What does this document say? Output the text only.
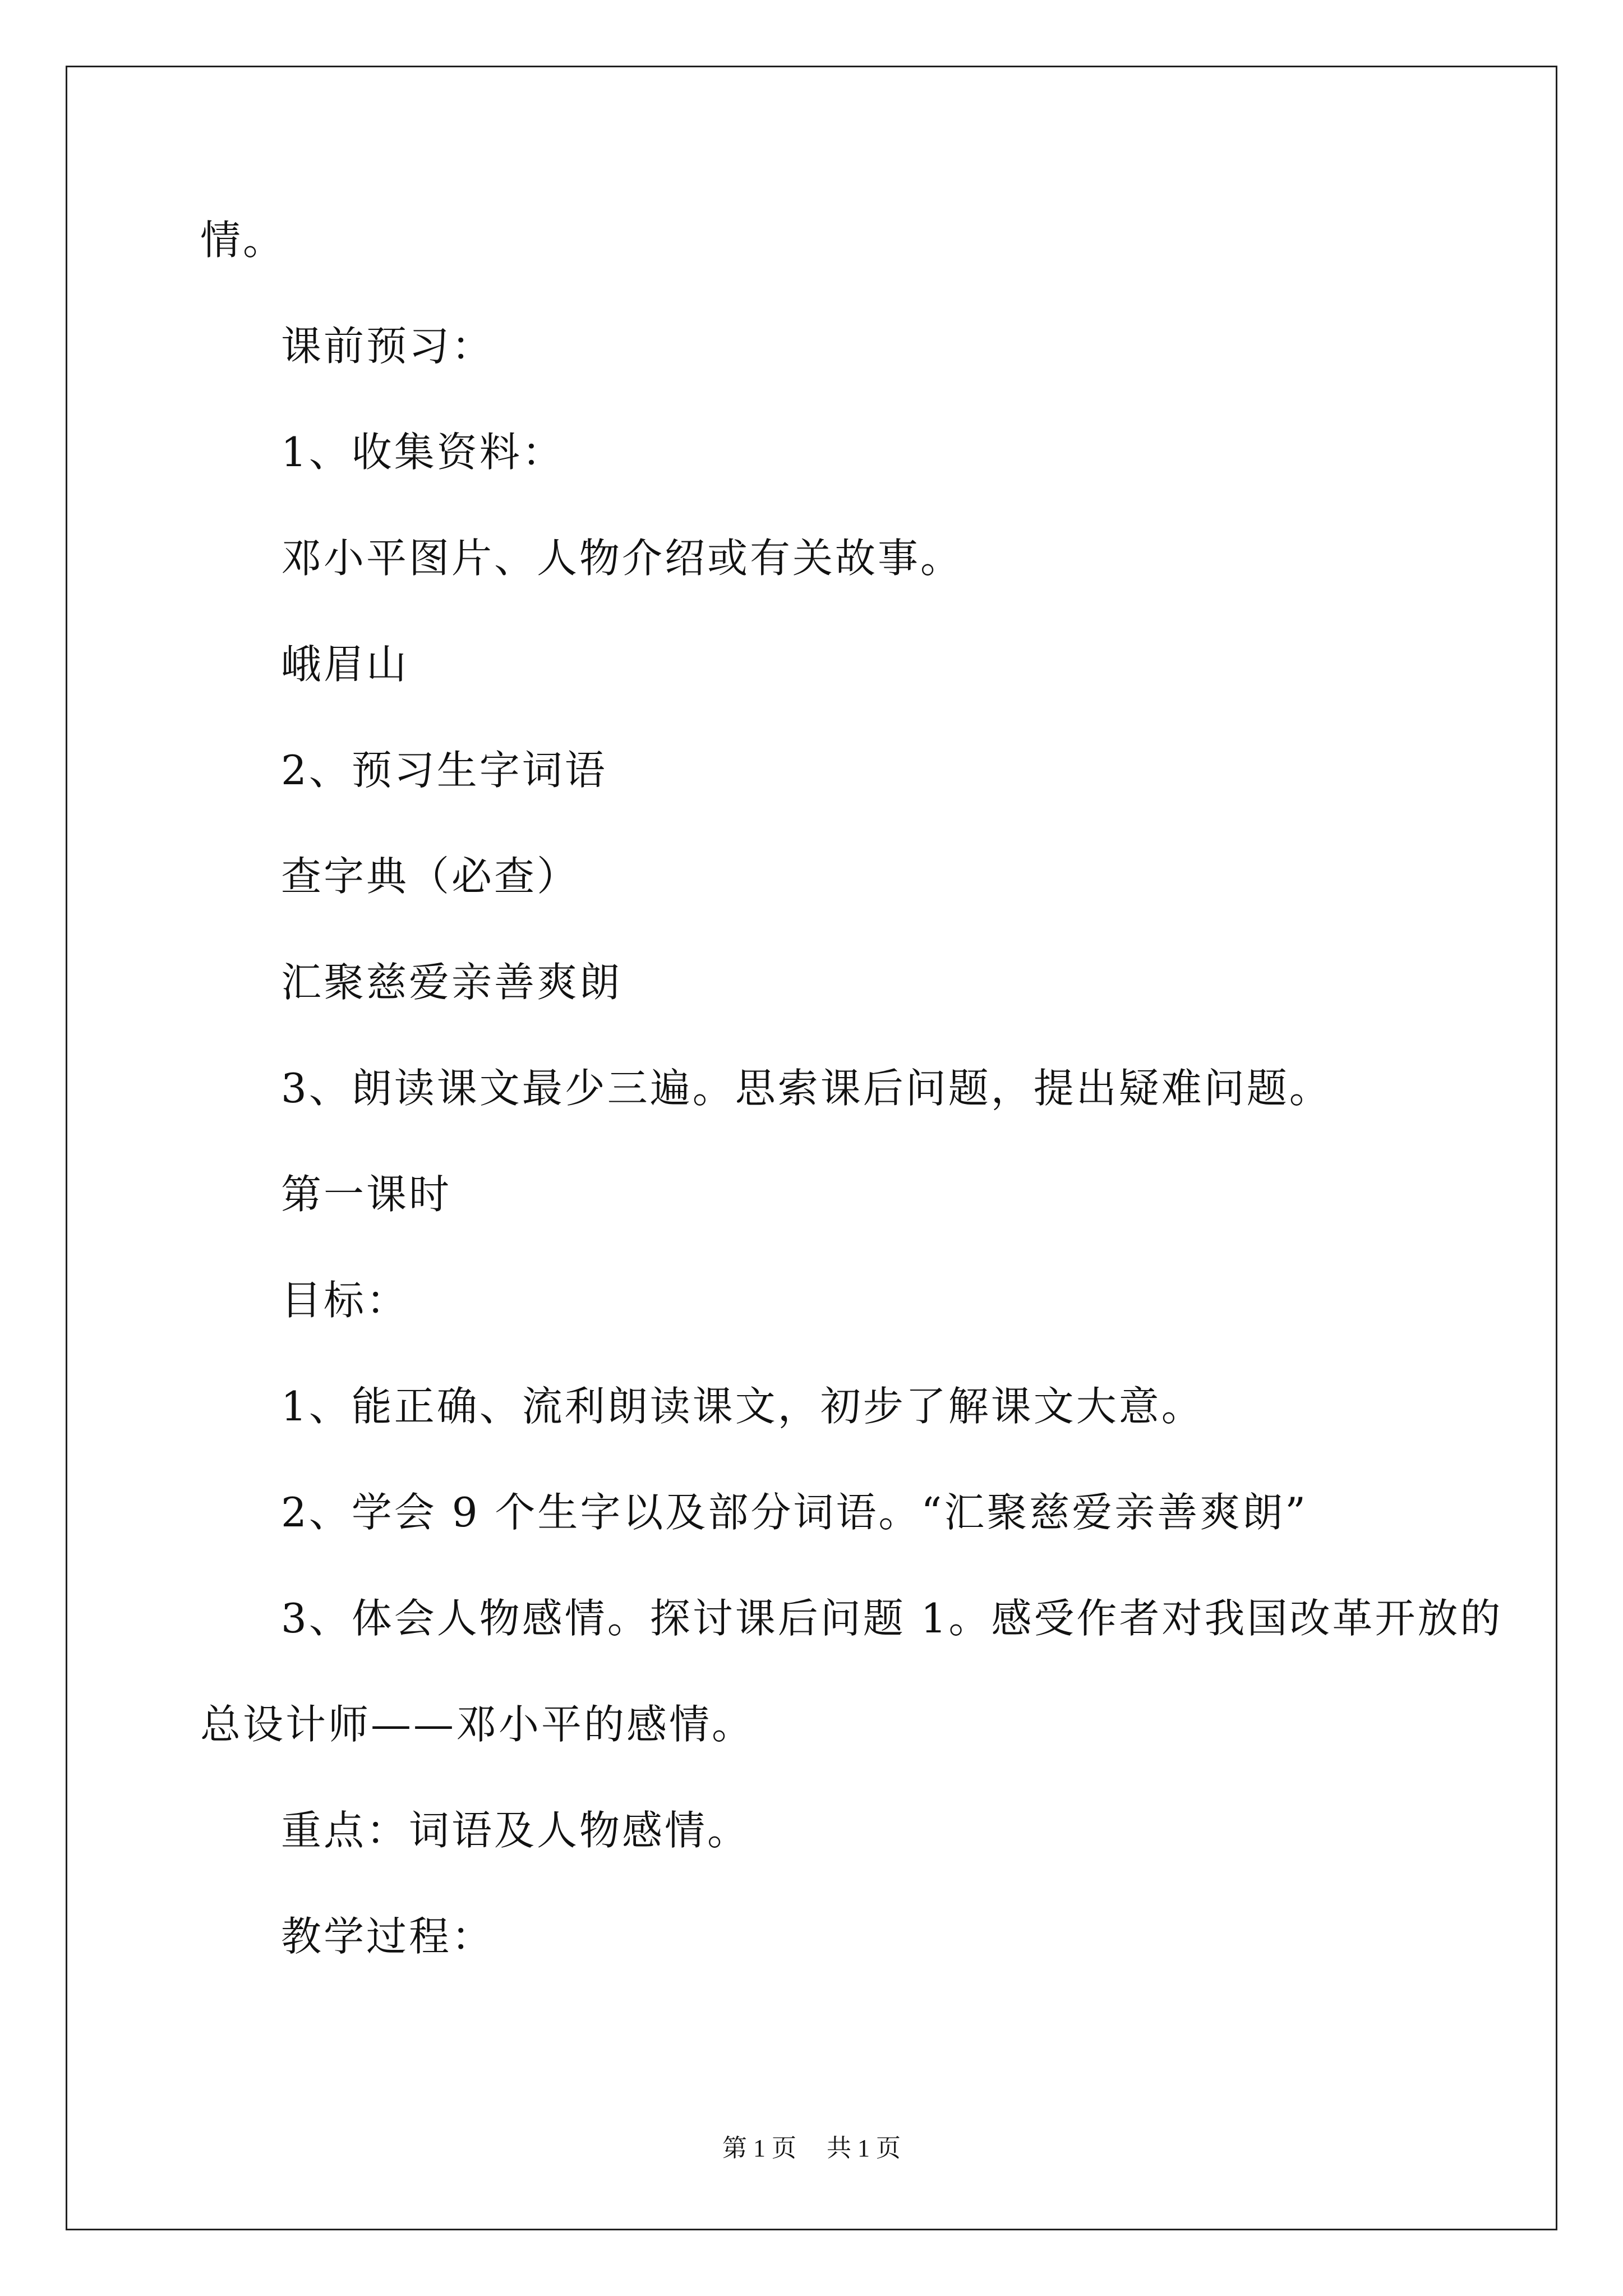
情。

课前预习：

1、收集资料：

邓小平图片、人物介绍或有关故事。

峨眉山

2、预习生字词语

查字典（必查）

汇聚慈爱亲善爽朗

3、朗读课文最少三遍。思索课后问题，提出疑难问题。

第一课时

目标：

1、能正确、流利朗读课文，初步了解课文大意。

2、学会 9 个生字以及部分词语。“汇聚慈爱亲善爽朗”

3、体会人物感情。探讨课后问题 1。感受作者对我国改革开放的

总设计师——邓小平的感情。

重点：词语及人物感情。

教学过程：

第 1 页 共 1 页
